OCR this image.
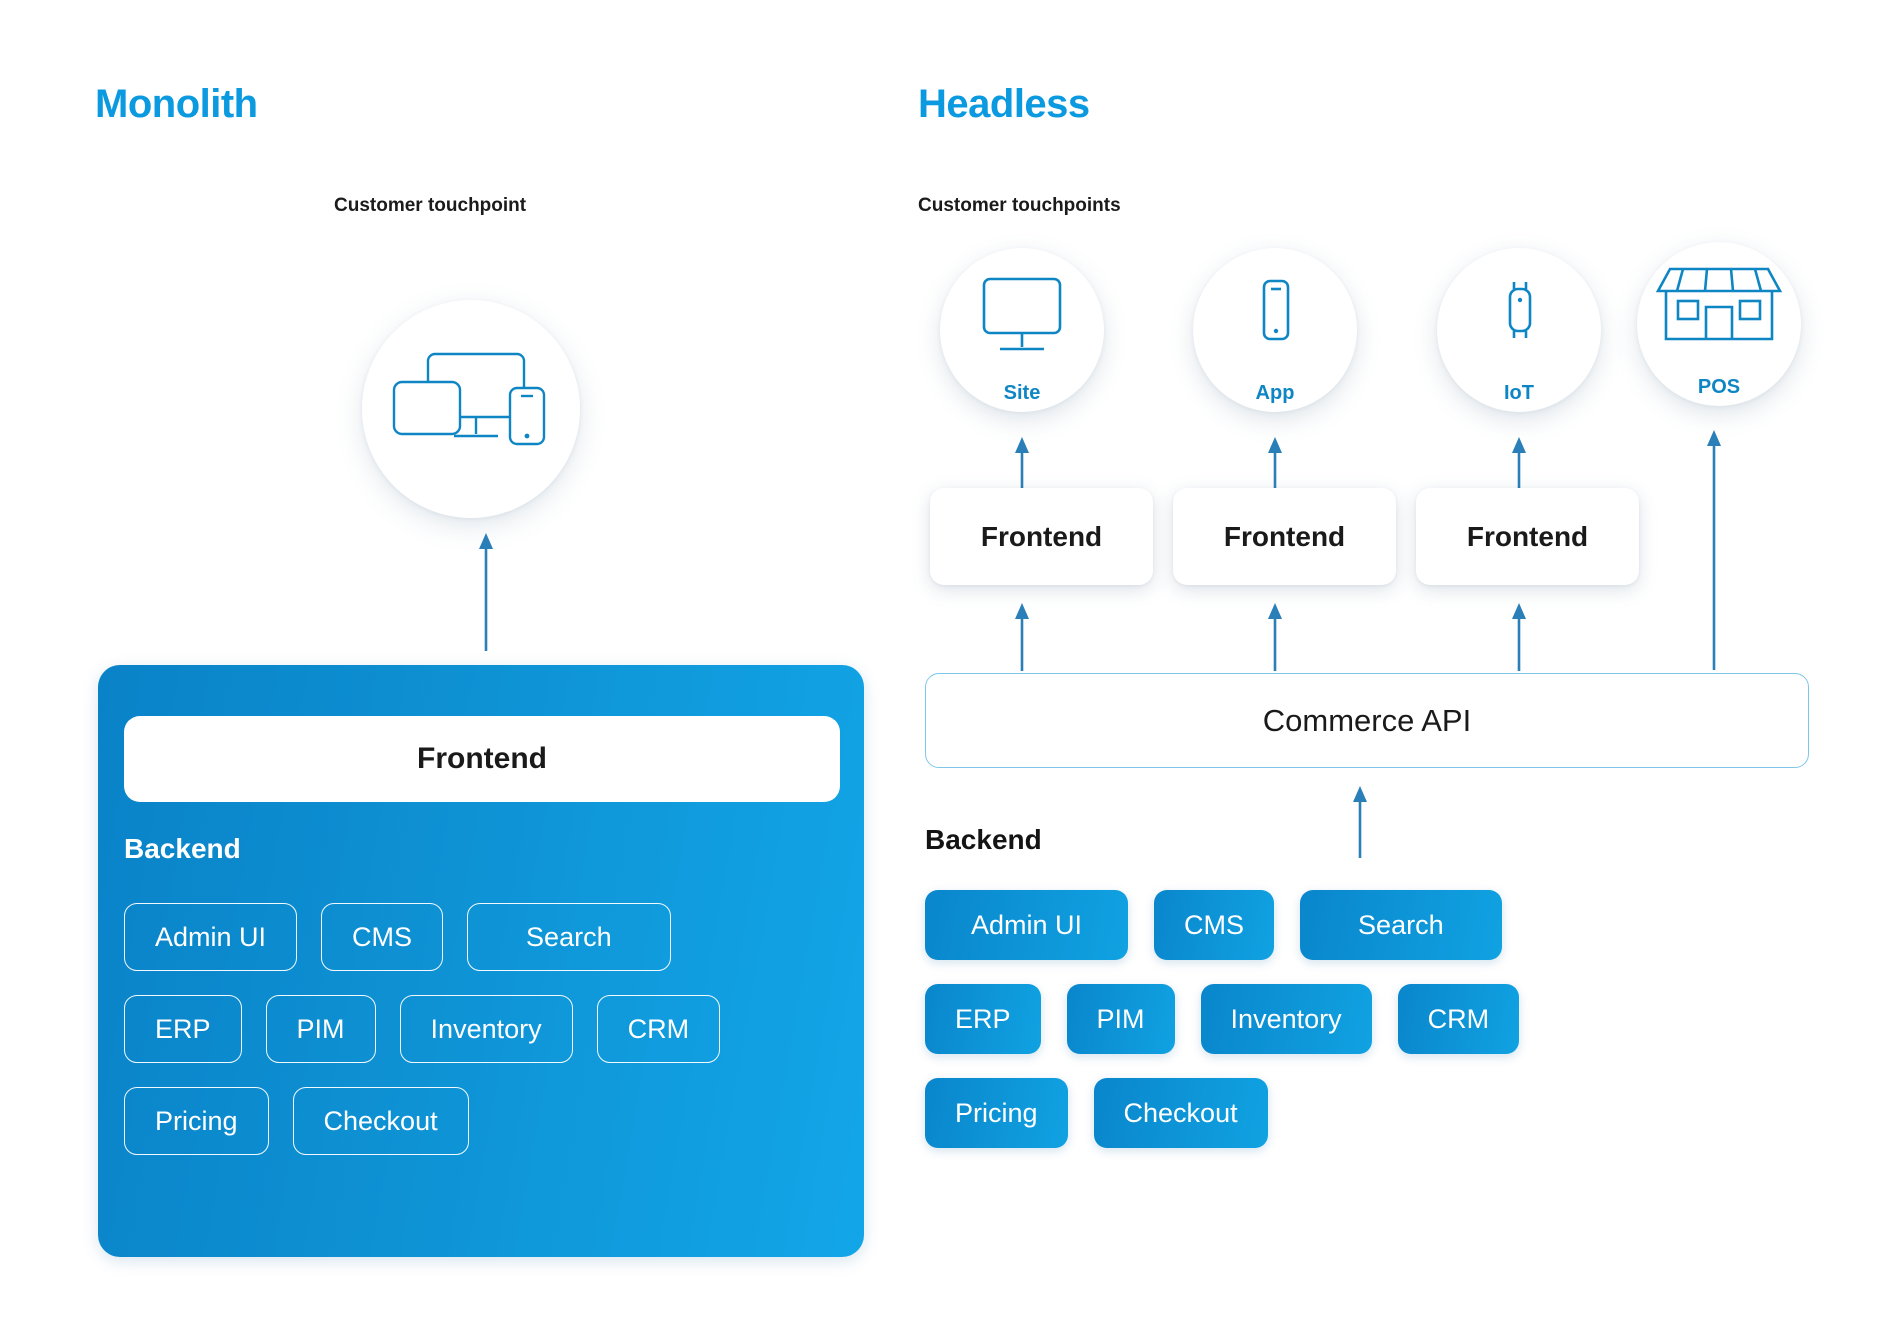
Monolith
Customer touchpoint
Frontend
Backend
Admin UI	CMS	Search
ERP	PIM	Inventory	CRM
Pricing	Checkout
Headless
Customer touchpoints
Site	App	IoT	POS
Frontend	Frontend	Frontend
Commerce API
Backend
Admin UI	CMS	Search
ERP	PIM	Inventory	CRM
Pricing	Checkout
